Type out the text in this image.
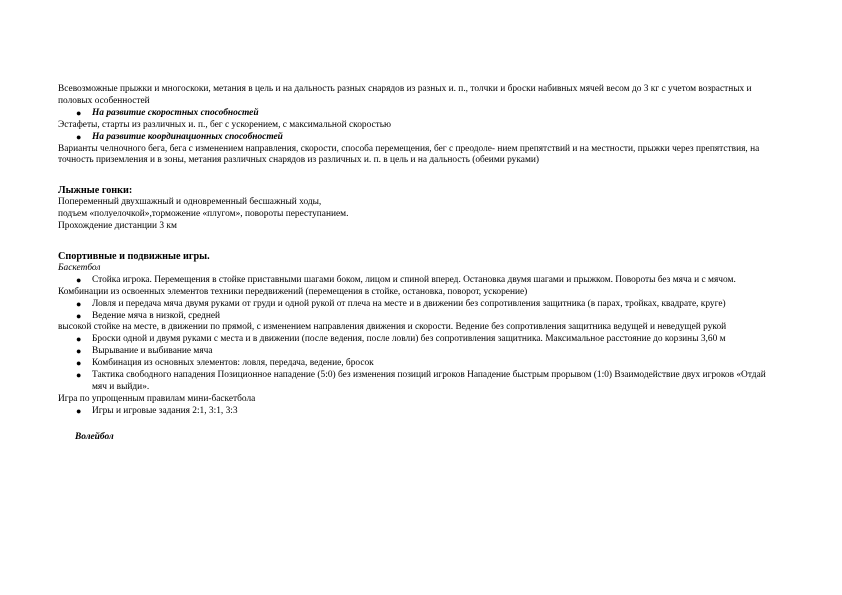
Всевозможные прыжки и многоскоки, метания в цель и на дальность разных снарядов из разных и. п., толчки и броски набивных мячей весом до 3 кг с учетом возрастных и половых особенностей

● На развитие скоростных способностей

Эстафеты, старты из различных и. п., бег с ускорением, с максимальной скоростью

● На развитие координационных способностей

Варианты челночного бега, бега с изменением направления, скорости, способа перемещения, бег с преодоле- нием препятствий и на местности, прыжки через препятствия, на точность приземления и в зоны, метания различных снарядов из различных и. п. в цель и на дальность (обеими руками)

Лыжные гонки:

Попеременный двухшажный и одновременный бесшажный ходы,

подъем «полуелочкой»,торможение «плугом», повороты переступанием.

Прохождение дистанции 3 км

Спортивные и подвижные игры.

Баскетбол

● Стойка игрока. Перемещения в стойке приставными шагами боком, лицом и спиной вперед. Остановка двумя шагами и прыжком. Повороты без мяча и с мячом.

Комбинации из освоенных элементов техники передвижений (перемещения в стойке, остановка, поворот, ускорение)

● Ловля и передача мяча двумя руками от груди и одной рукой от плеча на месте и в движении без сопротивления защитника (в парах, тройках, квадрате, круге)
● Ведение мяча в низкой, средней

высокой стойке на месте, в движении по прямой, с изменением направления движения и скорости. Ведение без сопротивления защитника ведущей и неведущей рукой

● Броски одной и двумя руками с места и в движении (после ведения, после ловли) без сопротивления защитника. Максимальное расстояние до корзины 3,60 м
● Вырывание и выбивание мяча
● Комбинация из основных элементов: ловля, передача, ведение, бросок
● Тактика свободного нападения Позиционное нападение (5:0) без изменения позиций игроков Нападение быстрым прорывом (1:0) Взаимодействие двух игроков «Отдай мяч и выйди».

Игра по упрощенным правилам мини-баскетбола

● Игры и игровые задания 2:1, 3:1, 3:3

Волейбол
